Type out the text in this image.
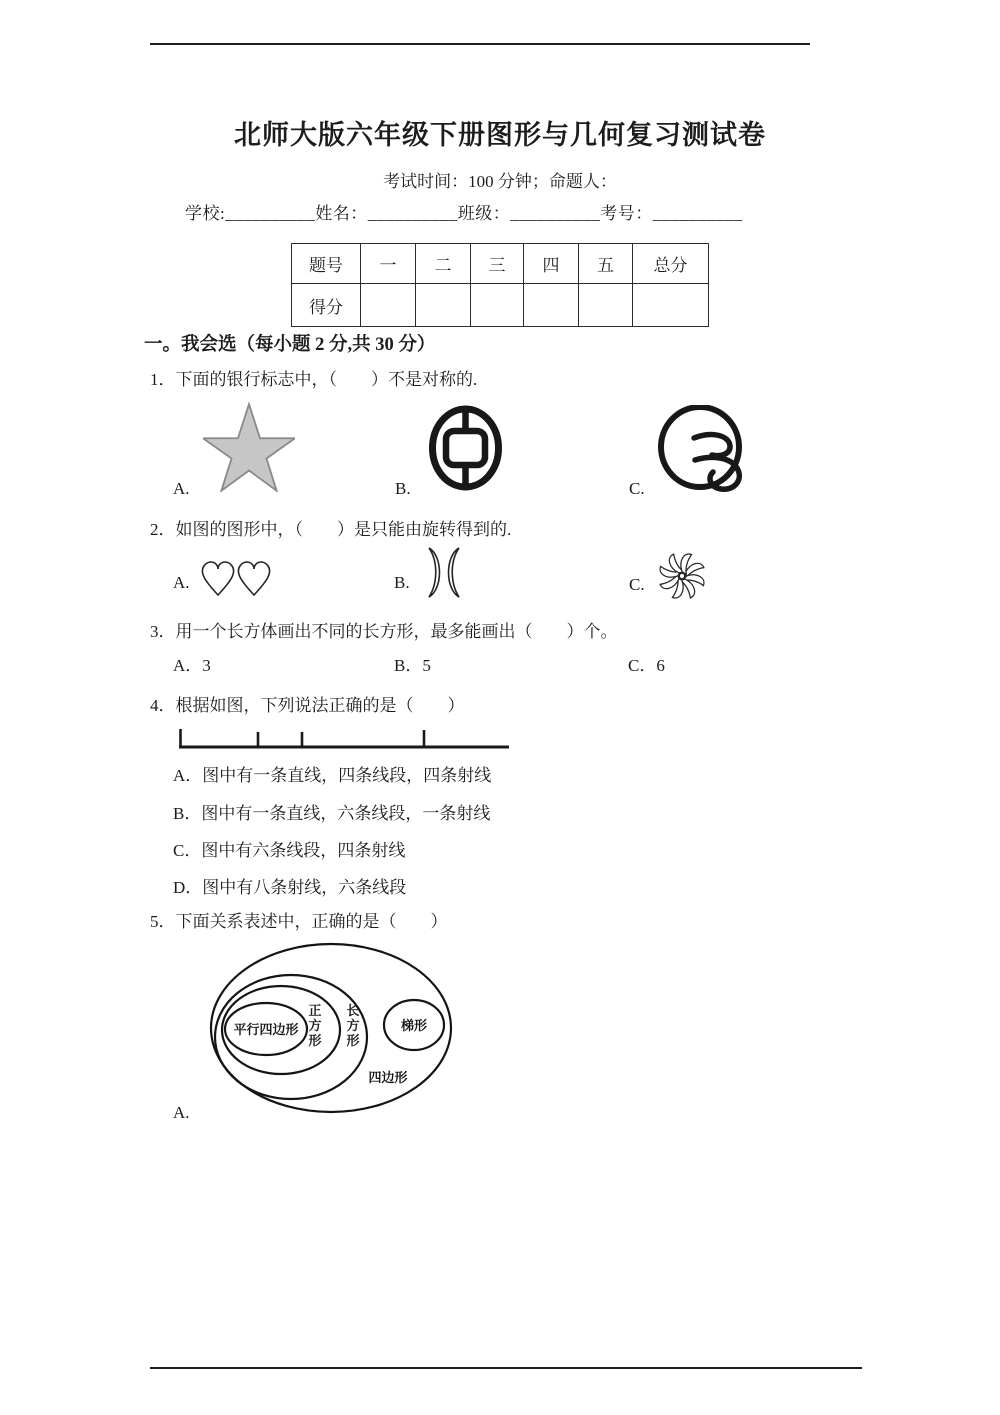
北师大版六年级下册图形与几何复习测试卷
考试时间：100 分钟；命题人：
学校:__________姓名：__________班级：__________考号：__________
题号	一	二	三	四	五	总分
得分						
一。我会选（每小题 2 分,共 30 分）
1．下面的银行标志中，（　　）不是对称的.
A.	B.	C.
2．如图的图形中，（　　）是只能由旋转得到的.
A.	B.	C.
3．用一个长方体画出不同的长方形，最多能画出（　　）个。
A．3	B．5	C．6
4．根据如图，下列说法正确的是（　　）
A．图中有一条直线，四条线段，四条射线
B．图中有一条直线，六条线段，一条射线
C．图中有六条线段，四条射线
D．图中有八条射线，六条线段
5．下面关系表述中，正确的是（　　）
平行四边形	梯形
四边形
正方形
长方形
A.
